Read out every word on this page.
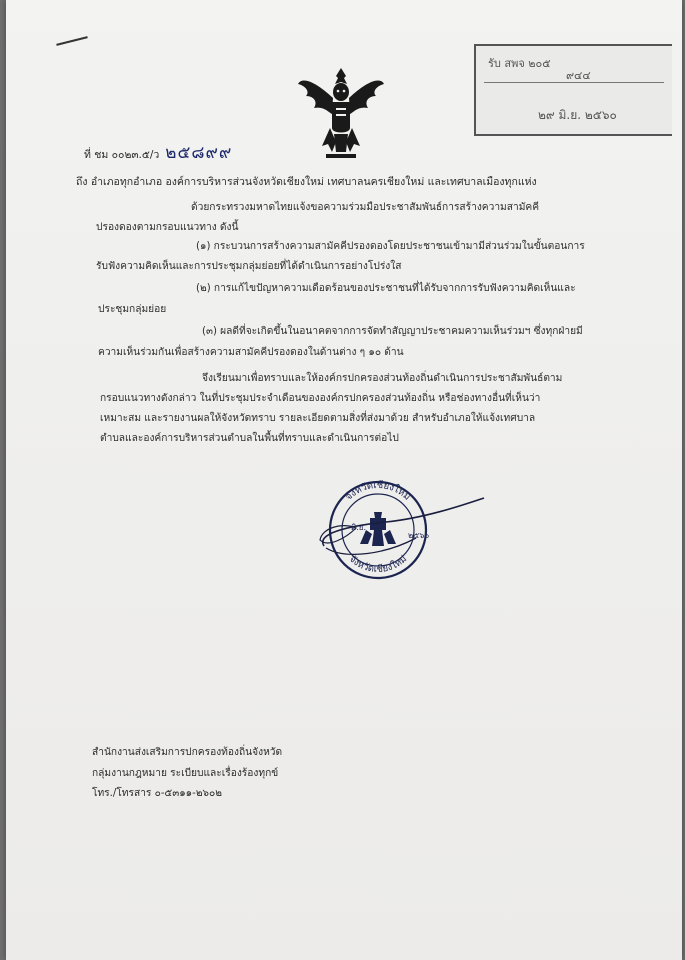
รับ สพจ ๒๐๕
๙๔๔
๒๙ มิ.ย. ๒๕๖๐
ที่ ชม ๐๐๒๓.๕/ว ๒๕๘๙๙
ถึง อำเภอทุกอำเภอ องค์การบริหารส่วนจังหวัดเชียงใหม่ เทศบาลนครเชียงใหม่ และเทศบาลเมืองทุกแห่ง
ด้วยกระทรวงมหาดไทยแจ้งขอความร่วมมือประชาสัมพันธ์การสร้างความสามัคคี
ปรองดองตามกรอบแนวทาง ดังนี้
(๑) กระบวนการสร้างความสามัคคีปรองดองโดยประชาชนเข้ามามีส่วนร่วมในขั้นตอนการ
รับฟังความคิดเห็นและการประชุมกลุ่มย่อยที่ได้ดำเนินการอย่างโปร่งใส
(๒) การแก้ไขปัญหาความเดือดร้อนของประชาชนที่ได้รับจากการรับฟังความคิดเห็นและ
ประชุมกลุ่มย่อย
(๓) ผลดีที่จะเกิดขึ้นในอนาคตจากการจัดทำสัญญาประชาคมความเห็นร่วมฯ ซึ่งทุกฝ่ายมี
ความเห็นร่วมกันเพื่อสร้างความสามัคคีปรองดองในด้านต่าง ๆ ๑๐ ด้าน
จึงเรียนมาเพื่อทราบและให้องค์กรปกครองส่วนท้องถิ่นดำเนินการประชาสัมพันธ์ตาม
กรอบแนวทางดังกล่าว ในที่ประชุมประจำเดือนขององค์กรปกครองส่วนท้องถิ่น หรือช่องทางอื่นที่เห็นว่า
เหมาะสม และรายงานผลให้จังหวัดทราบ รายละเอียดตามสิ่งที่ส่งมาด้วย สำหรับอำเภอให้แจ้งเทศบาล
ตำบลและองค์การบริหารส่วนตำบลในพื้นที่ทราบและดำเนินการต่อไป
จังหวัดเชียงใหม่
จังหวัดเชียงใหม่
มิ.ย.
๒๕๖๐
สำนักงานส่งเสริมการปกครองท้องถิ่นจังหวัด
กลุ่มงานกฎหมาย ระเบียบและเรื่องร้องทุกข์
โทร./โทรสาร ๐-๕๓๑๑-๒๖๐๒
